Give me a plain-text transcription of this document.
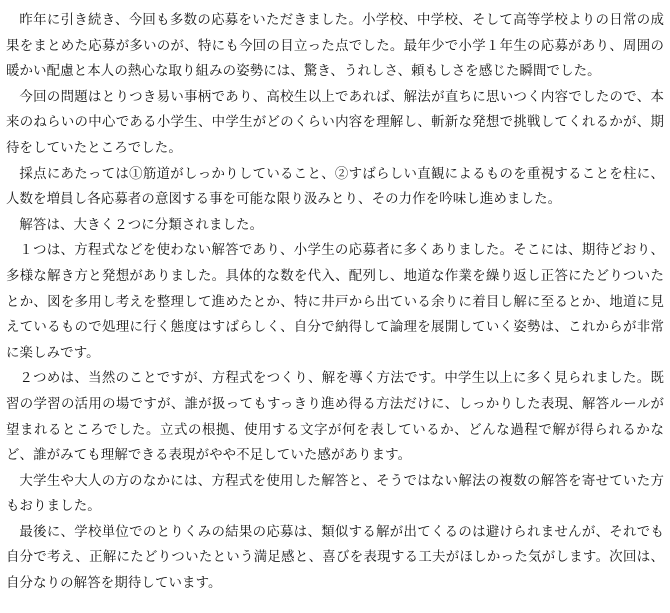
昨年に引き続き、今回も多数の応募をいただきました。小学校、中学校、そして高等学校よりの日常の成果をまとめた応募が多いのが、特にも今回の目立った点でした。最年少で小学１年生の応募があり、周囲の暖かい配慮と本人の熱心な取り組みの姿勢には、驚き、うれしさ、頼もしさを感じた瞬間でした。

今回の問題はとりつき易い事柄であり、高校生以上であれば、解法が直ちに思いつく内容でしたので、本来のねらいの中心である小学生、中学生がどのくらい内容を理解し、斬新な発想で挑戦してくれるかが、期待をしていたところでした。

採点にあたっては①筋道がしっかりしていること、②すばらしい直観によるものを重視することを柱に、人数を増員し各応募者の意図する事を可能な限り汲みとり、その力作を吟味し進めました。

解答は、大きく２つに分類されました。

１つは、方程式などを使わない解答であり、小学生の応募者に多くありました。そこには、期待どおり、多様な解き方と発想がありました。具体的な数を代入、配列し、地道な作業を繰り返し正答にたどりついたとか、図を多用し考えを整理して進めたとか、特に井戸から出ている余りに着目し解に至るとか、地道に見えているもので処理に行く態度はすばらしく、自分で納得して論理を展開していく姿勢は、これからが非常に楽しみです。

２つめは、当然のことですが、方程式をつくり、解を導く方法です。中学生以上に多く見られました。既習の学習の活用の場ですが、誰が扱ってもすっきり進め得る方法だけに、しっかりした表現、解答ルールが望まれるところでした。立式の根拠、使用する文字が何を表しているか、どんな過程で解が得られるかなど、誰がみても理解できる表現がやや不足していた感があります。

大学生や大人の方のなかには、方程式を使用した解答と、そうではない解法の複数の解答を寄せていた方もおりました。

最後に、学校単位でのとりくみの結果の応募は、類似する解が出てくるのは避けられませんが、それでも自分で考え、正解にたどりついたという満足感と、喜びを表現する工夫がほしかった気がします。次回は、自分なりの解答を期待しています。
